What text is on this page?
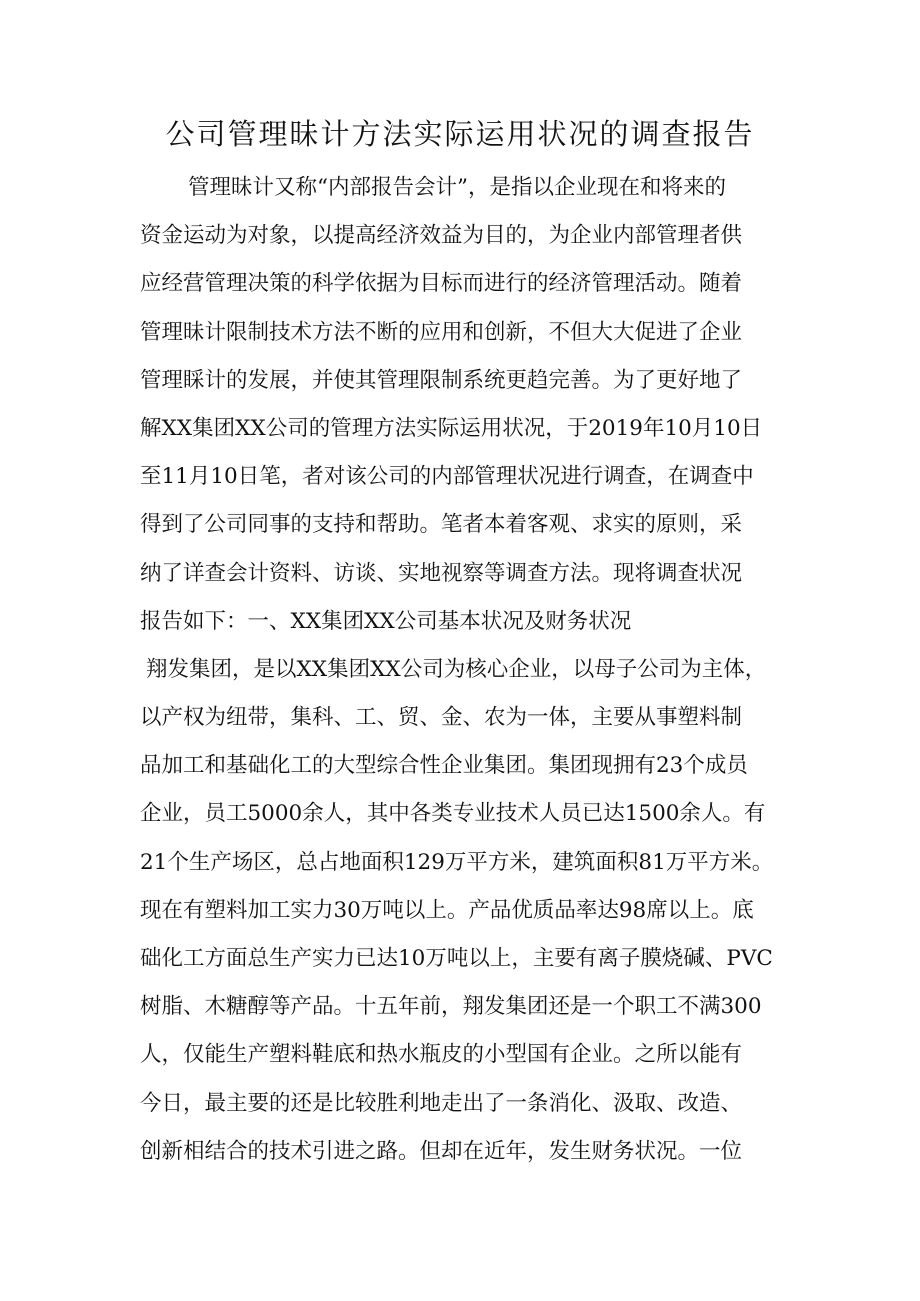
公司管理昧计方法实际运用状况的调查报告
管理昧计又称“内部报告会计”，是指以企业现在和将来的
资金运动为对象，以提高经济效益为目的，为企业内部管理者供
应经营管理决策的科学依据为目标而进行的经济管理活动。随着
管理昧计限制技术方法不断的应用和创新，不但大大促进了企业
管理睬计的发展，并使其管理限制系统更趋完善。为了更好地了
解XX集团XX公司的管理方法实际运用状况，于2019年10月10日
至11月10日笔，者对该公司的内部管理状况进行调查，在调查中
得到了公司同事的支持和帮助。笔者本着客观、求实的原则，采
纳了详查会计资料、访谈、实地视察等调查方法。现将调查状况
报告如下：一、XX集团XX公司基本状况及财务状况
翔发集团，是以XX集团XX公司为核心企业，以母子公司为主体，
以产权为纽带，集科、工、贸、金、农为一体，主要从事塑料制
品加工和基础化工的大型综合性企业集团。集团现拥有23个成员
企业，员工5000余人，其中各类专业技术人员已达1500余人。有
21个生产场区，总占地面积129万平方米，建筑面积81万平方米。
现在有塑料加工实力30万吨以上。产品优质品率达98席以上。底
础化工方面总生产实力已达10万吨以上，主要有离子膜烧碱、PVC
树脂、木糖醇等产品。十五年前，翔发集团还是一个职工不满300
人，仅能生产塑料鞋底和热水瓶皮的小型国有企业。之所以能有
今日，最主要的还是比较胜利地走出了一条消化、汲取、改造、
创新相结合的技术引进之路。但却在近年，发生财务状况。一位
